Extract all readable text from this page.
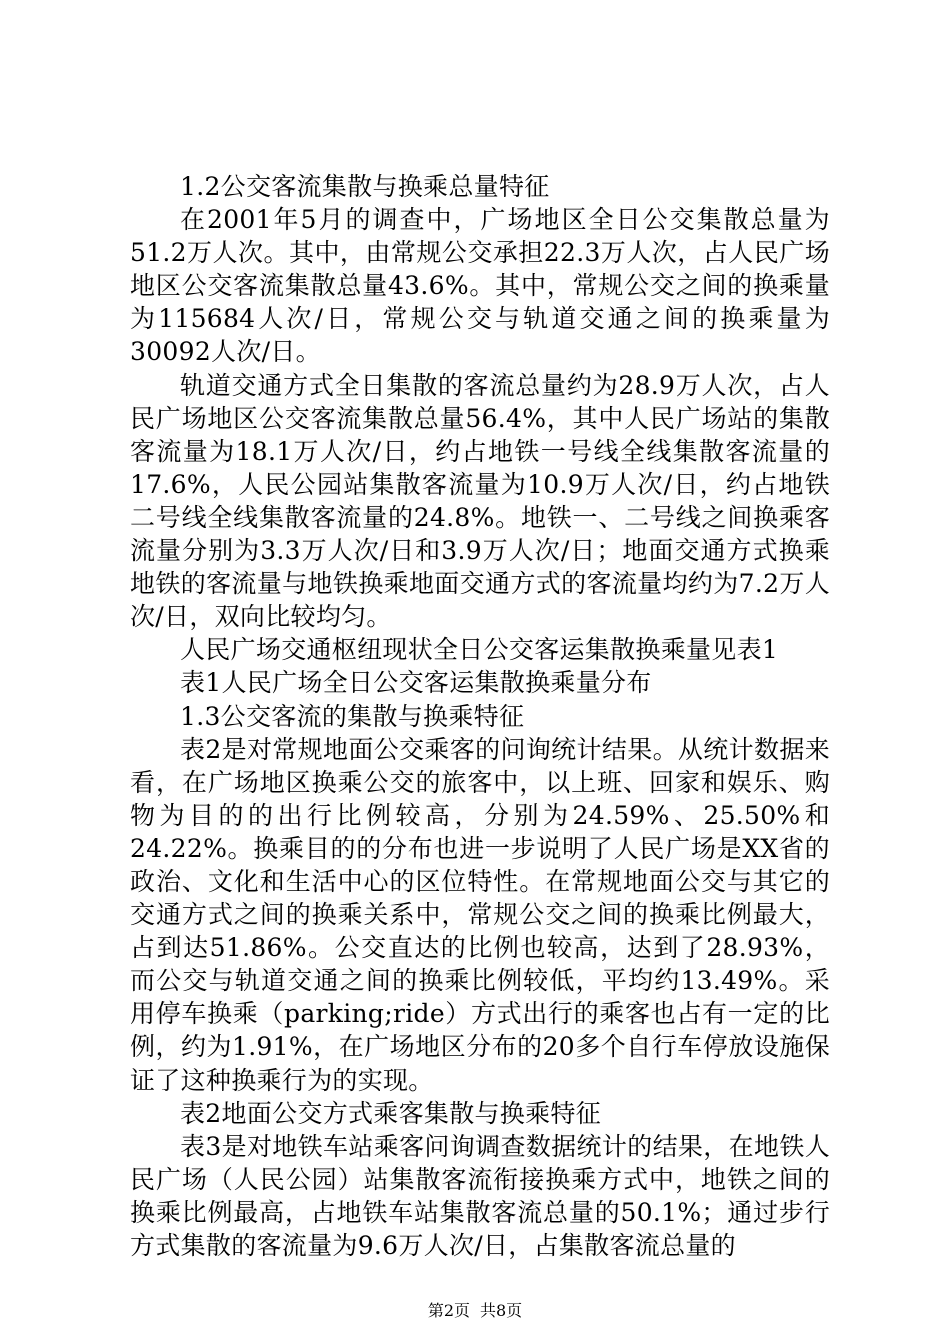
1.2公交客流集散与换乘总量特征

在2001年5月的调查中，广场地区全日公交集散总量为51.2万人次。其中，由常规公交承担22.3万人次，占人民广场地区公交客流集散总量43.6%。其中，常规公交之间的换乘量为115684人次/日，常规公交与轨道交通之间的换乘量为30092人次/日。

轨道交通方式全日集散的客流总量约为28.9万人次，占人民广场地区公交客流集散总量56.4%，其中人民广场站的集散客流量为18.1万人次/日，约占地铁一号线全线集散客流量的17.6%，人民公园站集散客流量为10.9万人次/日，约占地铁二号线全线集散客流量的24.8%。地铁一、二号线之间换乘客流量分别为3.3万人次/日和3.9万人次/日；地面交通方式换乘地铁的客流量与地铁换乘地面交通方式的客流量均约为7.2万人次/日，双向比较均匀。

人民广场交通枢纽现状全日公交客运集散换乘量见表1

表1人民广场全日公交客运集散换乘量分布

1.3公交客流的集散与换乘特征

表2是对常规地面公交乘客的问询统计结果。从统计数据来看，在广场地区换乘公交的旅客中，以上班、回家和娱乐、购物为目的的出行比例较高，分别为24.59%、25.50%和24.22%。换乘目的的分布也进一步说明了人民广场是XX省的政治、文化和生活中心的区位特性。在常规地面公交与其它的交通方式之间的换乘关系中，常规公交之间的换乘比例最大，占到达51.86%。公交直达的比例也较高，达到了28.93%，而公交与轨道交通之间的换乘比例较低，平均约13.49%。采用停车换乘（parking;ride）方式出行的乘客也占有一定的比例，约为1.91%，在广场地区分布的20多个自行车停放设施保证了这种换乘行为的实现。

表2地面公交方式乘客集散与换乘特征

表3是对地铁车站乘客问询调查数据统计的结果，在地铁人民广场（人民公园）站集散客流衔接换乘方式中，地铁之间的换乘比例最高，占地铁车站集散客流总量的50.1%；通过步行方式集散的客流量为9.6万人次/日，占集散客流总量的

第2页 共8页
